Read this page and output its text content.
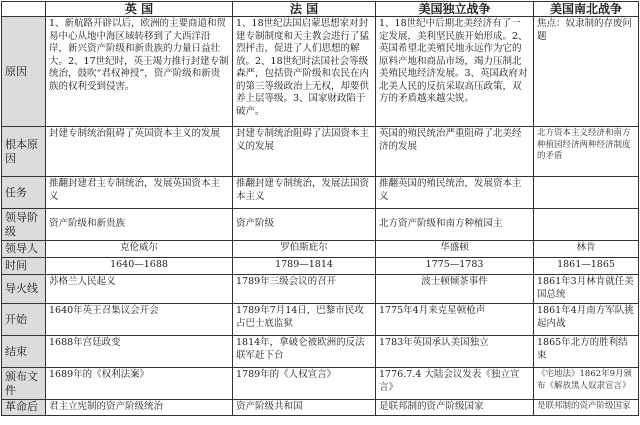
	英 国	法 国	美国独立战争	美国南北战争
原因	1、新航路开辟以后，欧洲的主要商道和贸易中心从地中海区域转移到了大西洋沿岸，新兴资产阶级和新贵族的力量日益壮大。2、17世纪时，英王竭力推行封建专制统治，鼓吹“君权神授”，资产阶级和新贵族的权利受到侵害。	1、18世纪法国启蒙思想家对封建专制制度和天主教会进行了猛烈抨击，促进了人们思想的解放。2、18世纪时法国社会等级森严，包括资产阶级和农民在内的第三等级政治上无权，却要供养上层等级。3、国家财政陷于破产。	1、18世纪中后期北美经济有了一定发展，美利坚民族开始形成。2、英国希望北美殖民地永远作为它的原料产地和商品市场，竭力压制北美殖民地经济发展。3、英国政府对北美人民的反抗采取高压政策，双方的矛盾越来越尖锐。	焦点：奴隶制的存废问题
根本原因	封建专制统治阻碍了英国资本主义的发展	封建专制统治阻碍了法国资本主义的发展	英国的殖民统治严重阻碍了北美经济的发展	北方资本主义经济和南方种植园经济两种经济制度的矛盾
任务	推翻封建君主专制统治，发展英国资本主义	推翻封建专制统治，发展法国资本主义	推翻英国的殖民统治，发展资本主义	
领导阶级	资产阶级和新贵族	资产阶级	北方资产阶级和南方种植园主	
领导人	克伦威尔	罗伯斯庇尔	华盛顿	林肯
时间	1640—1688	1789—1814	1775—1783	1861—1865
导火线	苏格兰人民起义	1789年三级会议的召开	波士顿倾茶事件	1861年3月林肯就任美国总统
开始	1640年英王召集议会开会	1789年7月14日，巴黎市民攻占巴士底监狱	1775年4月来克星顿枪声	1861年4月南方军队挑起内战
结束	1688年宫廷政变	1814年，拿破仑被欧洲的反法联军赶下台	1783年英国承认美国独立	1865年北方的胜利结束
颁布文件	1689年的《权利法案》	1789年的《人权宣言》	1776.7.4 大陆会议发表《独立宣言》	《宅地法》1862年9月颁布《解放黑人奴隶宣言》
革命后	君主立宪制的资产阶级统治	资产阶级共和国	是联邦制的资产阶级国家	是联邦制的资产阶级国家
